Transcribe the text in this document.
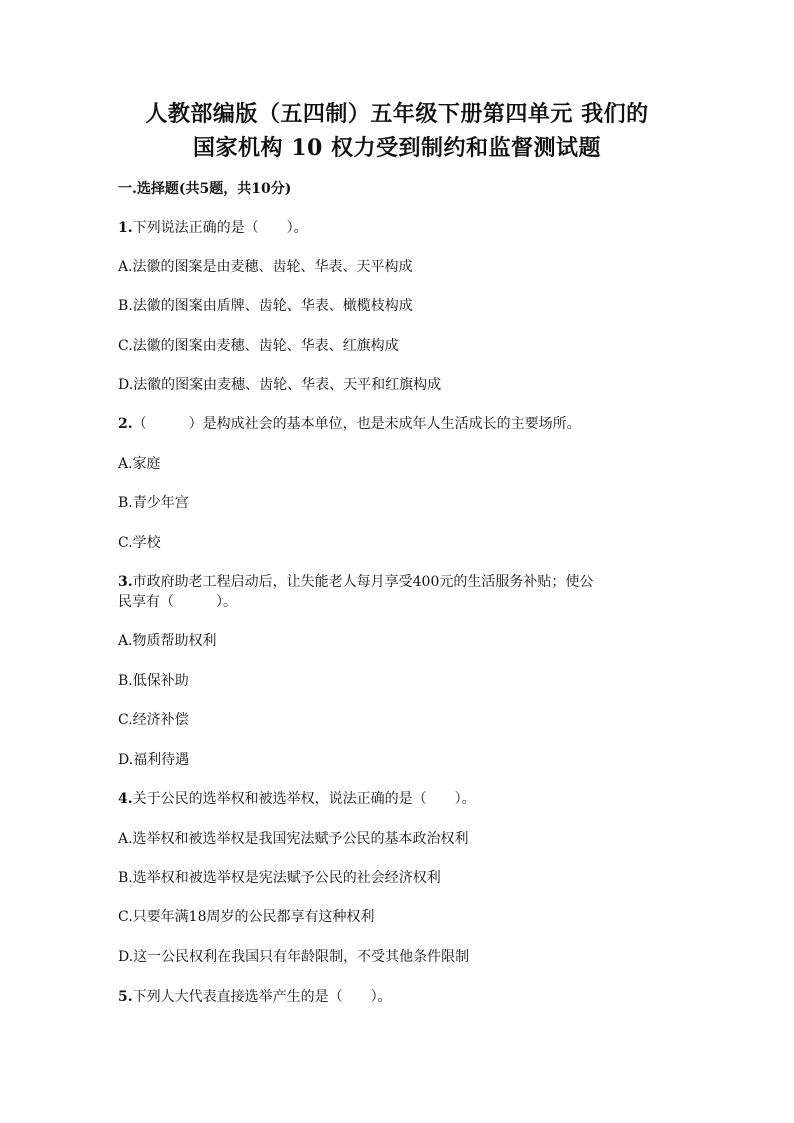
人教部编版（五四制）五年级下册第四单元 我们的
国家机构 10 权力受到制约和监督测试题
一.选择题(共5题，共10分)
1.下列说法正确的是（　　）。
A.法徽的图案是由麦穗、齿轮、华表、天平构成
B.法徽的图案由盾牌、齿轮、华表、橄榄枝构成
C.法徽的图案由麦穗、齿轮、华表、红旗构成
D.法徽的图案由麦穗、齿轮、华表、天平和红旗构成
2.（　　　）是构成社会的基本单位，也是未成年人生活成长的主要场所。
A.家庭
B.青少年宫
C.学校
3.市政府助老工程启动后，让失能老人每月享受400元的生活服务补贴；使公
民享有（　　　）。
A.物质帮助权利
B.低保补助
C.经济补偿
D.福利待遇
4.关于公民的选举权和被选举权，说法正确的是（　　）。
A.选举权和被选举权是我国宪法赋予公民的基本政治权利
B.选举权和被选举权是宪法赋予公民的社会经济权利
C.只要年满18周岁的公民都享有这种权利
D.这一公民权利在我国只有年龄限制，不受其他条件限制
5.下列人大代表直接选举产生的是（　　）。
